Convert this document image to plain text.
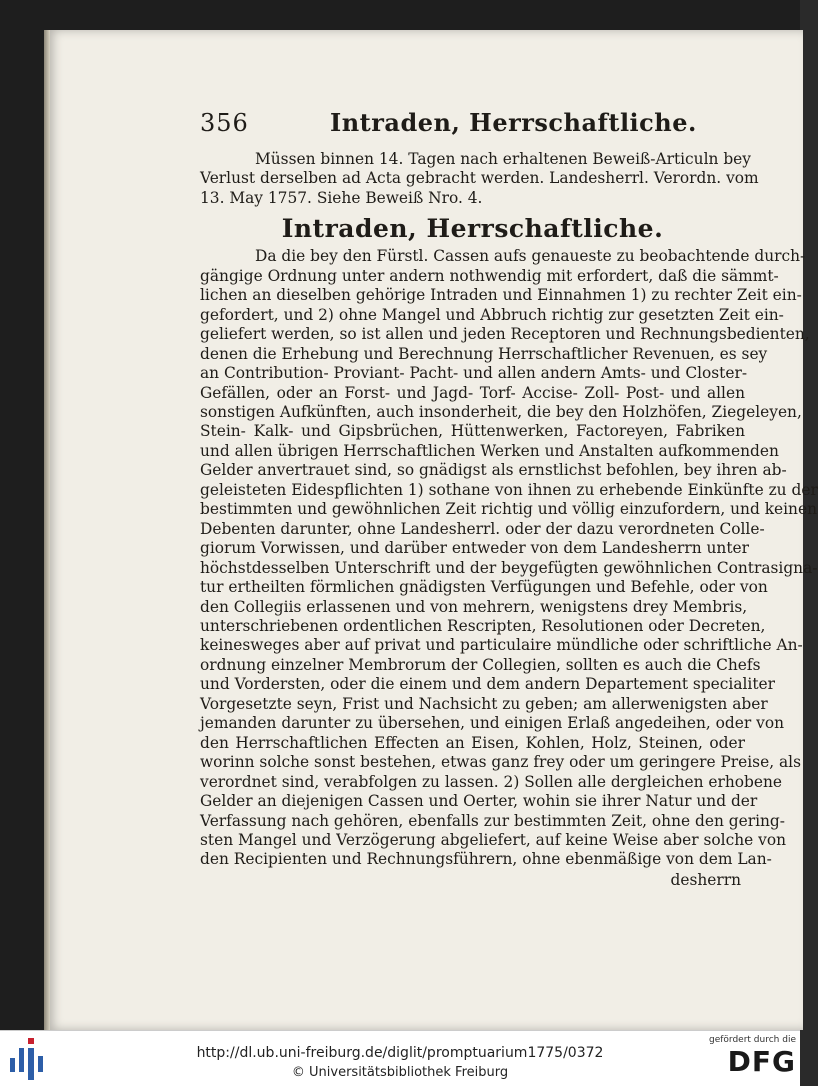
356	Intraden, Herrschaftliche.
Müssen binnen 14. Tagen nach erhaltenen Beweiß-Articuln bey
Verlust derselben ad Acta gebracht werden. Landesherrl. Verordn. vom
13. May 1757. Siehe Beweiß Nro. 4.
Intraden, Herrschaftliche.
Da die bey den Fürstl. Cassen aufs genaueste zu beobachtende durch-
gängige Ordnung unter andern nothwendig mit erfordert, daß die sämmt-
lichen an dieselben gehörige Intraden und Einnahmen 1) zu rechter Zeit ein-
gefordert, und 2) ohne Mangel und Abbruch richtig zur gesetzten Zeit ein-
geliefert werden, so ist allen und jeden Receptoren und Rechnungsbedienten,
denen die Erhebung und Berechnung Herrschaftlicher Revenuen, es sey
an Contribution- Proviant- Pacht- und allen andern Amts- und Closter-
Gefällen, oder an Forst- und Jagd- Torf- Accise- Zoll- Post- und allen
sonstigen Aufkünften, auch insonderheit, die bey den Holzhöfen, Ziegeleyen,
Stein- Kalk- und Gipsbrüchen, Hüttenwerken, Factoreyen, Fabriken
und allen übrigen Herrschaftlichen Werken und Anstalten aufkommenden
Gelder anvertrauet sind, so gnädigst als ernstlichst befohlen, bey ihren ab-
geleisteten Eidespflichten 1) sothane von ihnen zu erhebende Einkünfte zu der
bestimmten und gewöhnlichen Zeit richtig und völlig einzufordern, und keinen
Debenten darunter, ohne Landesherrl. oder der dazu verordneten Colle-
giorum Vorwissen, und darüber entweder von dem Landesherrn unter
höchstdesselben Unterschrift und der beygefügten gewöhnlichen Contrasigna-
tur ertheilten förmlichen gnädigsten Verfügungen und Befehle, oder von
den Collegiis erlassenen und von mehrern, wenigstens drey Membris,
unterschriebenen ordentlichen Rescripten, Resolutionen oder Decreten,
keinesweges aber auf privat und particulaire mündliche oder schriftliche An-
ordnung einzelner Membrorum der Collegien, sollten es auch die Chefs
und Vordersten, oder die einem und dem andern Departement specialiter
Vorgesetzte seyn, Frist und Nachsicht zu geben; am allerwenigsten aber
jemanden darunter zu übersehen, und einigen Erlaß angedeihen, oder von
den Herrschaftlichen Effecten an Eisen, Kohlen, Holz, Steinen, oder
worinn solche sonst bestehen, etwas ganz frey oder um geringere Preise, als
verordnet sind, verabfolgen zu lassen. 2) Sollen alle dergleichen erhobene
Gelder an diejenigen Cassen und Oerter, wohin sie ihrer Natur und der
Verfassung nach gehören, ebenfalls zur bestimmten Zeit, ohne den gering-
sten Mangel und Verzögerung abgeliefert, auf keine Weise aber solche von
den Recipienten und Rechnungsführern, ohne ebenmäßige von dem Lan-
desherrn
http://dl.ub.uni-freiburg.de/diglit/promptuarium1775/0372
© Universitätsbibliothek Freiburg
gefördert durch die
DFG
